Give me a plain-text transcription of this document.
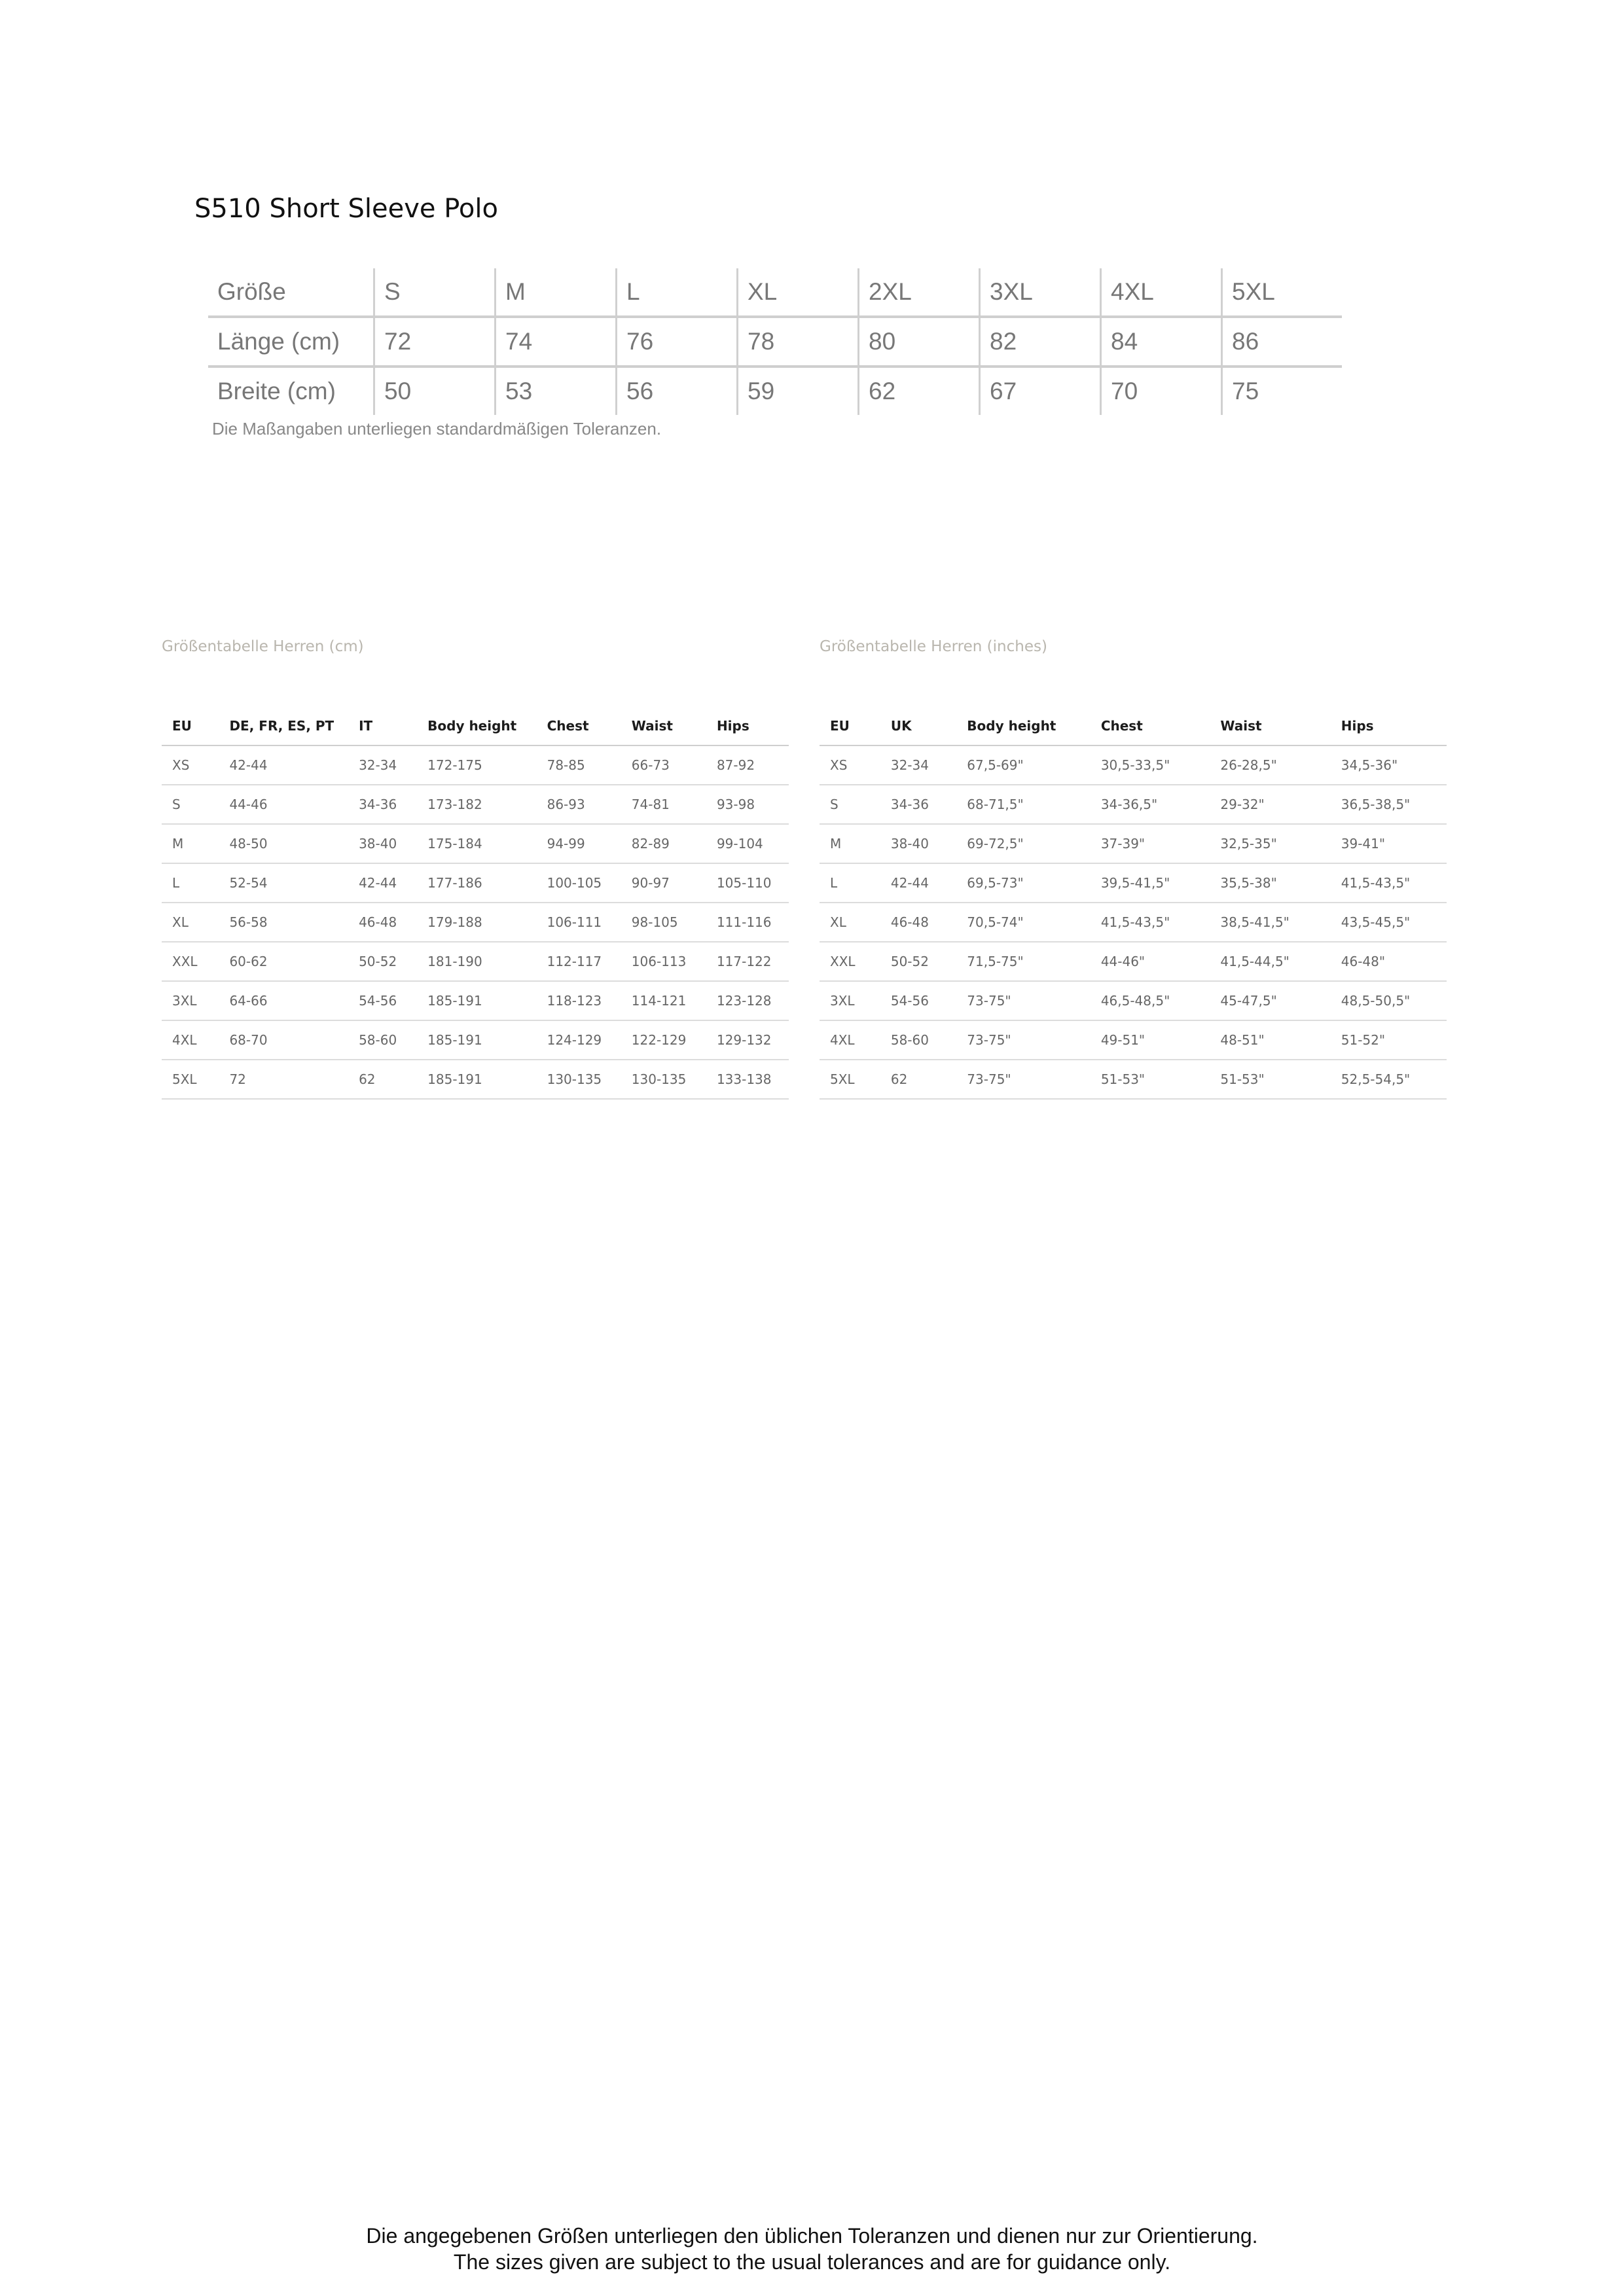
S510 Short Sleeve Polo
Größe	S	M	L	XL	2XL	3XL	4XL	5XL
Länge (cm)	72	74	76	78	80	82	84	86
Breite (cm)	50	53	56	59	62	67	70	75
Die Maßangaben unterliegen standardmäßigen Toleranzen.
Größentabelle Herren (cm)	Größentabelle Herren (inches)
EU	DE, FR, ES, PT	IT	Body height	Chest	Waist	Hips
XS	42-44	32-34	172-175	78-85	66-73	87-92
S	44-46	34-36	173-182	86-93	74-81	93-98
M	48-50	38-40	175-184	94-99	82-89	99-104
L	52-54	42-44	177-186	100-105	90-97	105-110
XL	56-58	46-48	179-188	106-111	98-105	111-116
XXL	60-62	50-52	181-190	112-117	106-113	117-122
3XL	64-66	54-56	185-191	118-123	114-121	123-128
4XL	68-70	58-60	185-191	124-129	122-129	129-132
5XL	72	62	185-191	130-135	130-135	133-138
EU	UK	Body height	Chest	Waist	Hips
XS	32-34	67,5-69"	30,5-33,5"	26-28,5"	34,5-36"
S	34-36	68-71,5"	34-36,5"	29-32"	36,5-38,5"
M	38-40	69-72,5"	37-39"	32,5-35"	39-41"
L	42-44	69,5-73"	39,5-41,5"	35,5-38"	41,5-43,5"
XL	46-48	70,5-74"	41,5-43,5"	38,5-41,5"	43,5-45,5"
XXL	50-52	71,5-75"	44-46"	41,5-44,5"	46-48"
3XL	54-56	73-75"	46,5-48,5"	45-47,5"	48,5-50,5"
4XL	58-60	73-75"	49-51"	48-51"	51-52"
5XL	62	73-75"	51-53"	51-53"	52,5-54,5"
Die angegebenen Größen unterliegen den üblichen Toleranzen und dienen nur zur Orientierung.
The sizes given are subject to the usual tolerances and are for guidance only.
